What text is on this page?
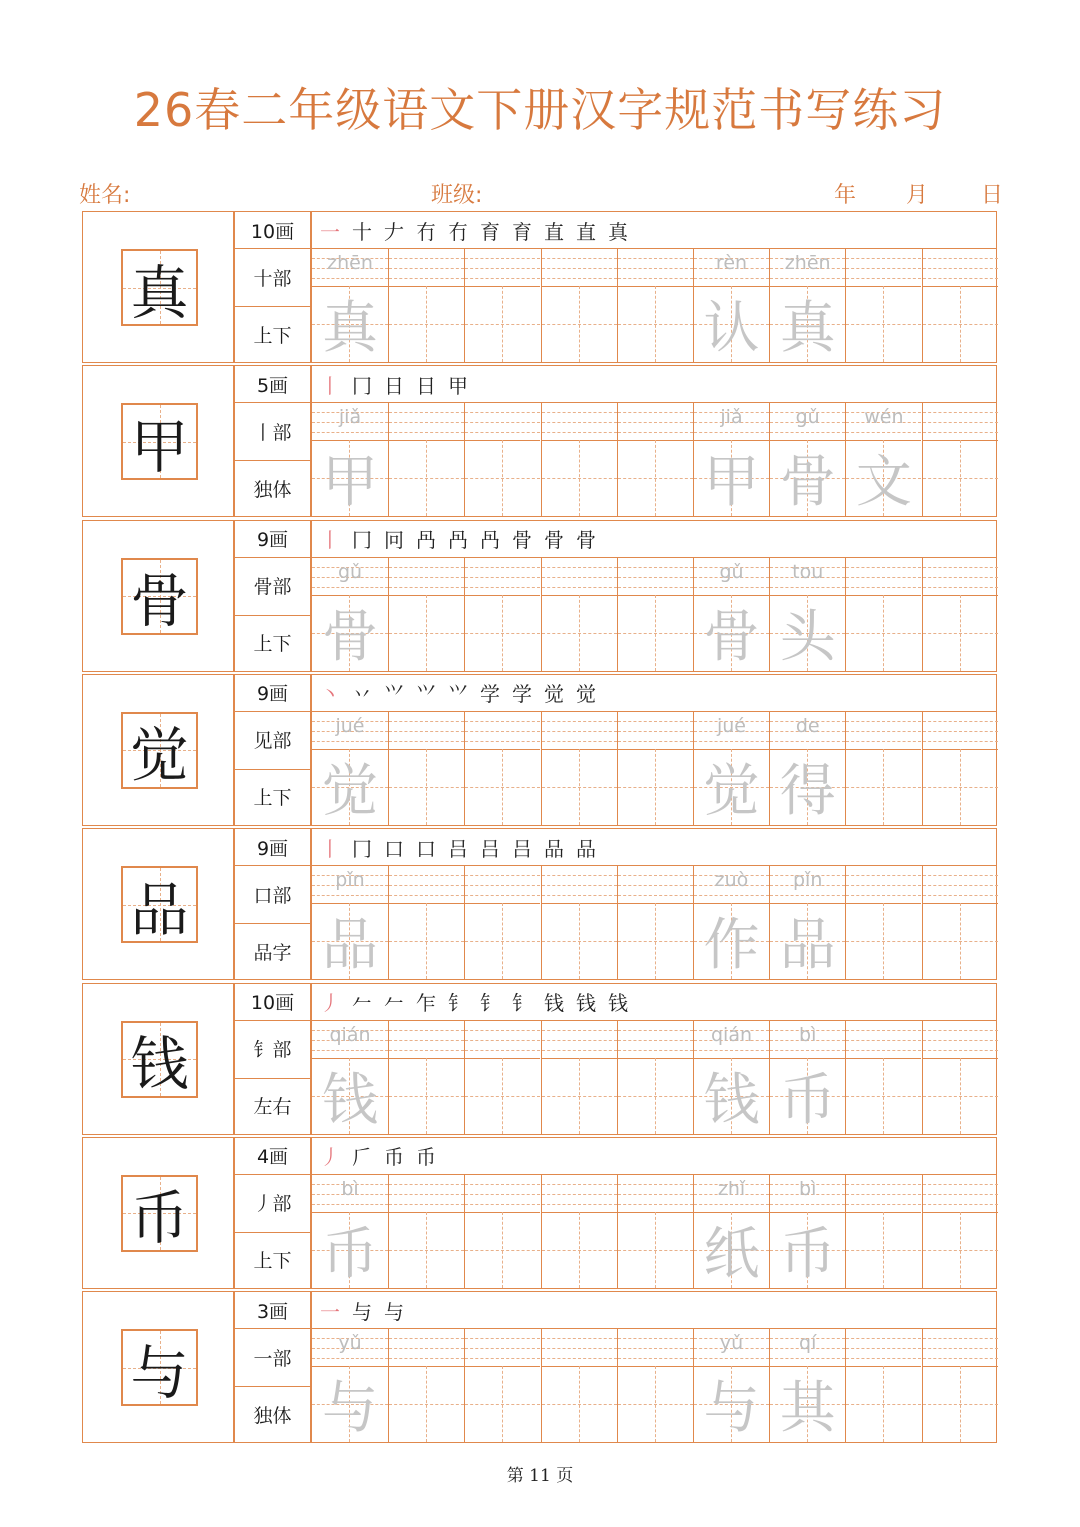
26春二年级语文下册汉字规范书写练习
姓名:	班级:	年 月 日
真
10画
十部
上下
一 十 𠂇 冇 冇 育 育 直 直 真
zhēn
真
rèn
认
zhēn
真
甲
5画
丨部
独体
丨 冂 日 日 甲
jiǎ
甲
jiǎ
甲
gǔ
骨
wén
文
骨
9画
骨部
上下
丨 冂 冋 冎 冎 冎 骨 骨 骨
gǔ
骨
gǔ
骨
tou
头
觉
9画
见部
上下
丶 丷 ⺍ ⺍ ⺍ 学 学 觉 觉
jué
觉
jué
觉
de
得
品
9画
口部
品字
丨 冂 口 口 吕 吕 吕 品 品
pǐn
品
zuò
作
pǐn
品
钱
10画
钅部
左右
丿 𠂉 𠂉 乍 钅 钅 钅 钱 钱 钱
qián
钱
qián
钱
bì
币
币
4画
丿部
上下
丿 𠂆 币 币
bì
币
zhǐ
纸
bì
币
与
3画
一部
独体
一 与 与
yǔ
与
yǔ
与
qí
其
第 11 页
